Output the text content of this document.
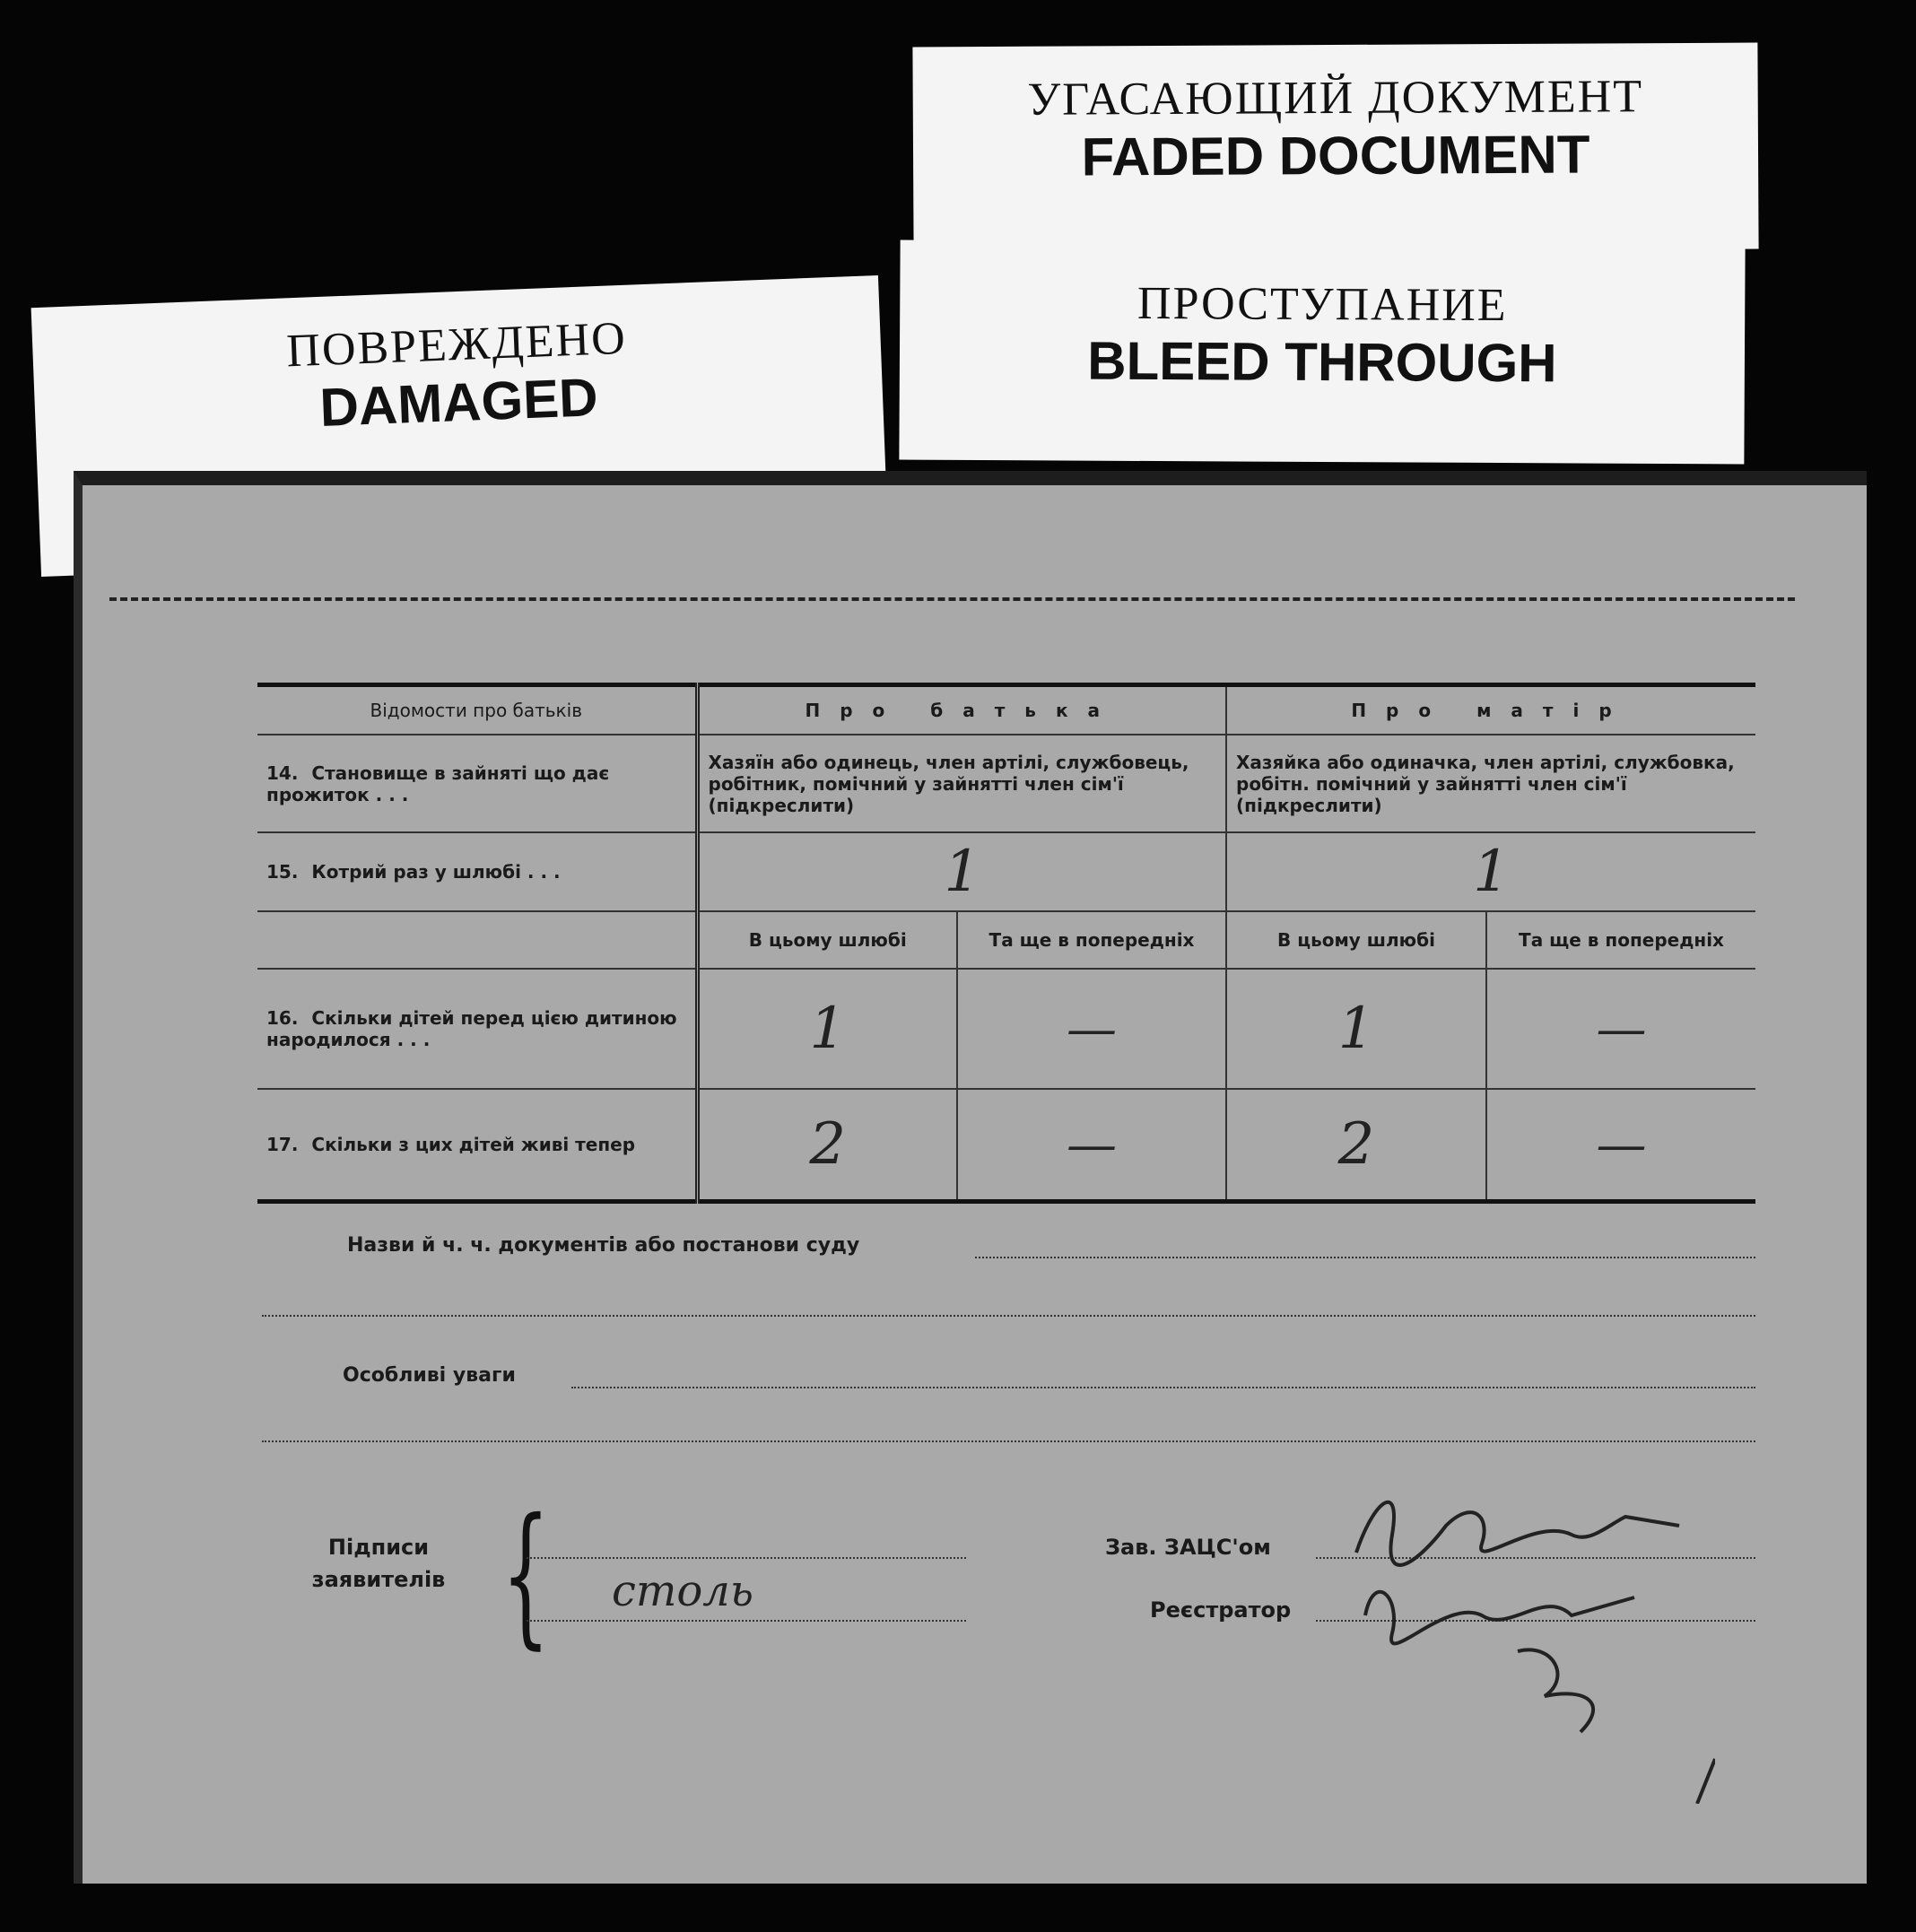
УГАСАЮЩИЙ ДОКУМЕНТ
FADED DOCUMENT
ПРОСТУПАНИЕ
BLEED THROUGH
ПОВРЕЖДЕНО
DAMAGED
Відомости про батьків	Про батька		Про матір	
14. Становище в зайняті що дає прожиток . . .	Хазяїн або одинець, член артілі, службовець, робітник, помічний у зайнятті член сім'ї (підкреслити)		Хазяйка або одиначка, член артілі, службовка, робітн. помічний у зайнятті член сім'ї (підкреслити)	
15. Котрий раз у шлюбі . . .	1		1	
	В цьому шлюбі	Та ще в попередніх	В цьому шлюбі	Та ще в попередніх
16. Скільки дітей перед цією дитиною народилося . . .	1	—	1	—
17. Скільки з цих дітей живі тепер	2	—	2	—
Назви й ч. ч. документів або постанови суду
Особливі уваги
Підписи
заявителів { столь
Зав. ЗАЦС'ом
Реєстратор
